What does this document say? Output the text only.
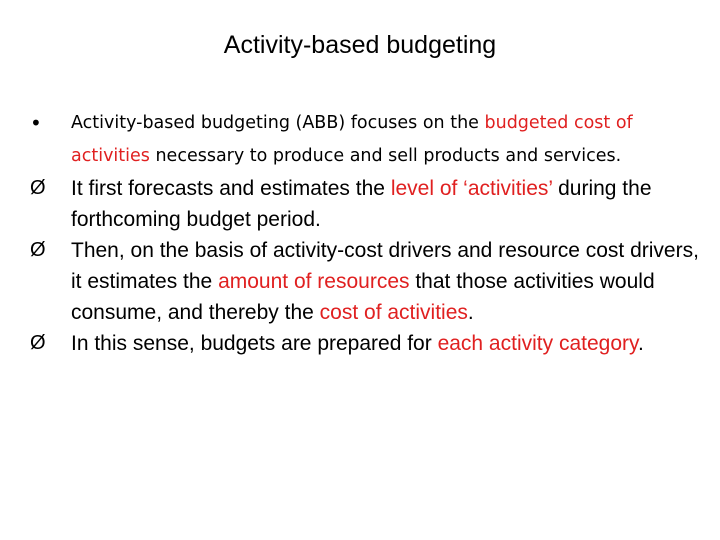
Activity-based budgeting
• Activity-based budgeting (ABB) focuses on the budgeted cost of activities necessary to produce and sell products and services.
Ø It first forecasts and estimates the level of ‘activities’ during the forthcoming budget period.
Ø Then, on the basis of activity-cost drivers and resource cost drivers, it estimates the amount of resources that those activities would consume, and thereby the cost of activities.
Ø In this sense, budgets are prepared for each activity category.
